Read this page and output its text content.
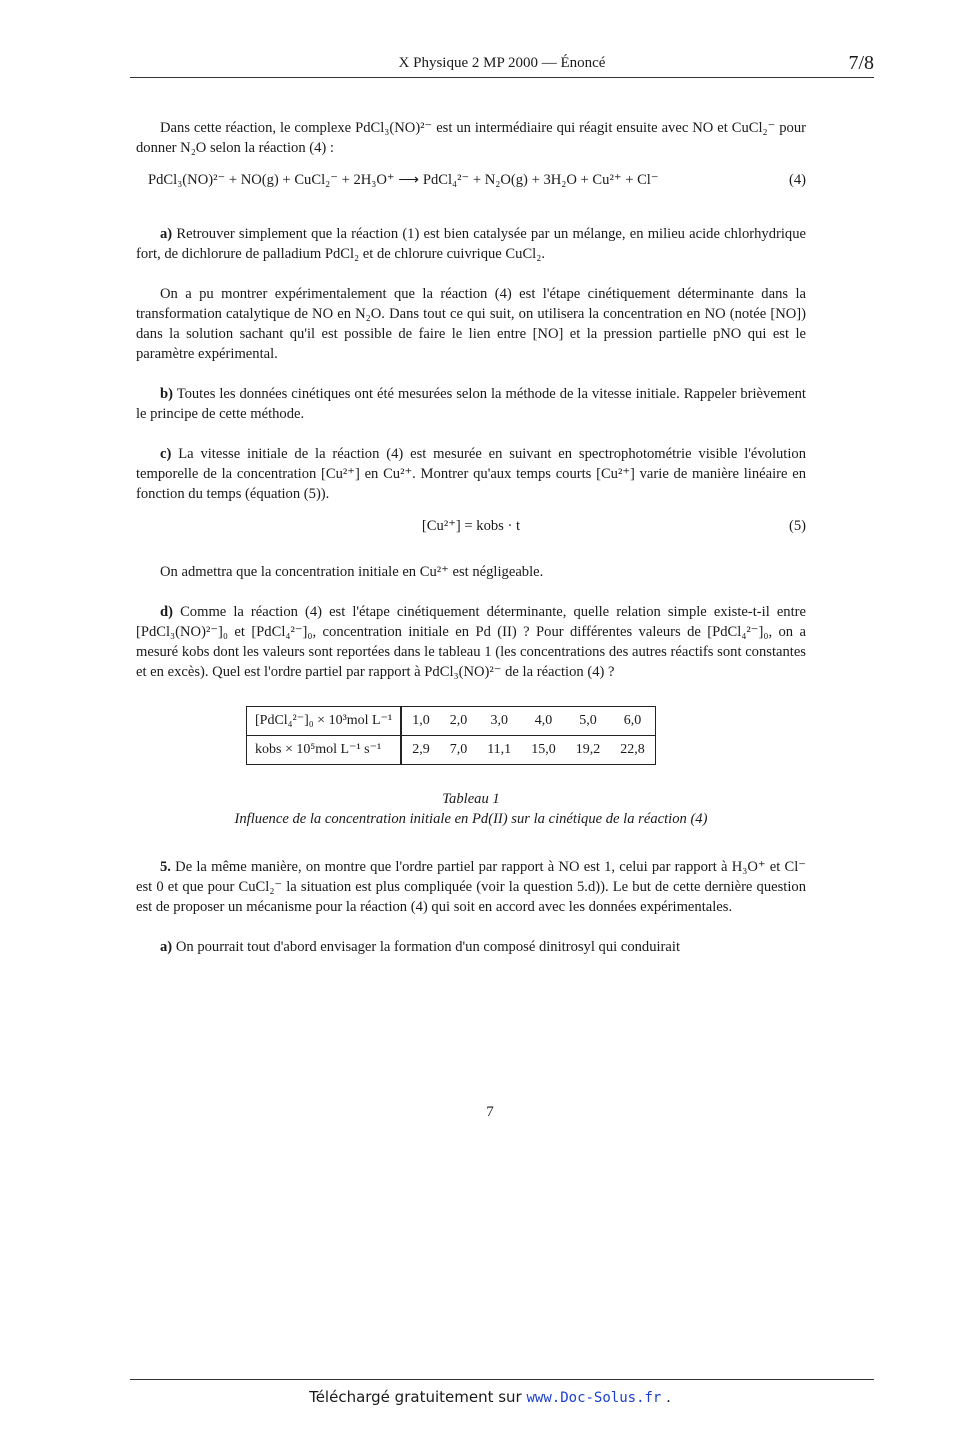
X Physique 2 MP 2000 — Énoncé	7/8

Dans cette réaction, le complexe PdCl₃(NO)²⁻ est un intermédiaire qui réagit ensuite avec NO et CuCl₂⁻ pour donner N₂O selon la réaction (4) :

PdCl₃(NO)²⁻ + NO(g) + CuCl₂⁻ + 2H₃O⁺ ⟶ PdCl₄²⁻ + N₂O(g) + 3H₂O + Cu²⁺ + Cl⁻	(4)

a) Retrouver simplement que la réaction (1) est bien catalysée par un mélange, en milieu acide chlorhydrique fort, de dichlorure de palladium PdCl₂ et de chlorure cuivrique CuCl₂.

On a pu montrer expérimentalement que la réaction (4) est l'étape cinétiquement déterminante dans la transformation catalytique de NO en N₂O. Dans tout ce qui suit, on utilisera la concentration en NO (notée [NO]) dans la solution sachant qu'il est possible de faire le lien entre [NO] et la pression partielle pNO qui est le paramètre expérimental.

b) Toutes les données cinétiques ont été mesurées selon la méthode de la vitesse initiale. Rappeler brièvement le principe de cette méthode.

c) La vitesse initiale de la réaction (4) est mesurée en suivant en spectrophotométrie visible l'évolution temporelle de la concentration [Cu²⁺] en Cu²⁺. Montrer qu'aux temps courts [Cu²⁺] varie de manière linéaire en fonction du temps (équation (5)).

[Cu²⁺] = kobs · t	(5)

On admettra que la concentration initiale en Cu²⁺ est négligeable.

d) Comme la réaction (4) est l'étape cinétiquement déterminante, quelle relation simple existe-t-il entre [PdCl₃(NO)²⁻]₀ et [PdCl₄²⁻]₀, concentration initiale en Pd (II) ? Pour différentes valeurs de [PdCl₄²⁻]₀, on a mesuré kobs dont les valeurs sont reportées dans le tableau 1 (les concentrations des autres réactifs sont constantes et en excès). Quel est l'ordre partiel par rapport à PdCl₃(NO)²⁻ de la réaction (4) ?

[PdCl₄²⁻]₀ × 10³mol L⁻¹	1,0	2,0	3,0	4,0	5,0	6,0
kobs × 10⁵mol L⁻¹ s⁻¹	2,9	7,0	11,1	15,0	19,2	22,8
Tableau 1
Influence de la concentration initiale en Pd(II) sur la cinétique de la réaction (4)

5. De la même manière, on montre que l'ordre partiel par rapport à NO est 1, celui par rapport à H₃O⁺ et Cl⁻ est 0 et que pour CuCl₂⁻ la situation est plus compliquée (voir la question 5.d)). Le but de cette dernière question est de proposer un mécanisme pour la réaction (4) qui soit en accord avec les données expérimentales.

a) On pourrait tout d'abord envisager la formation d'un composé dinitrosyl qui conduirait

7
Téléchargé gratuitement sur www.Doc-Solus.fr .
